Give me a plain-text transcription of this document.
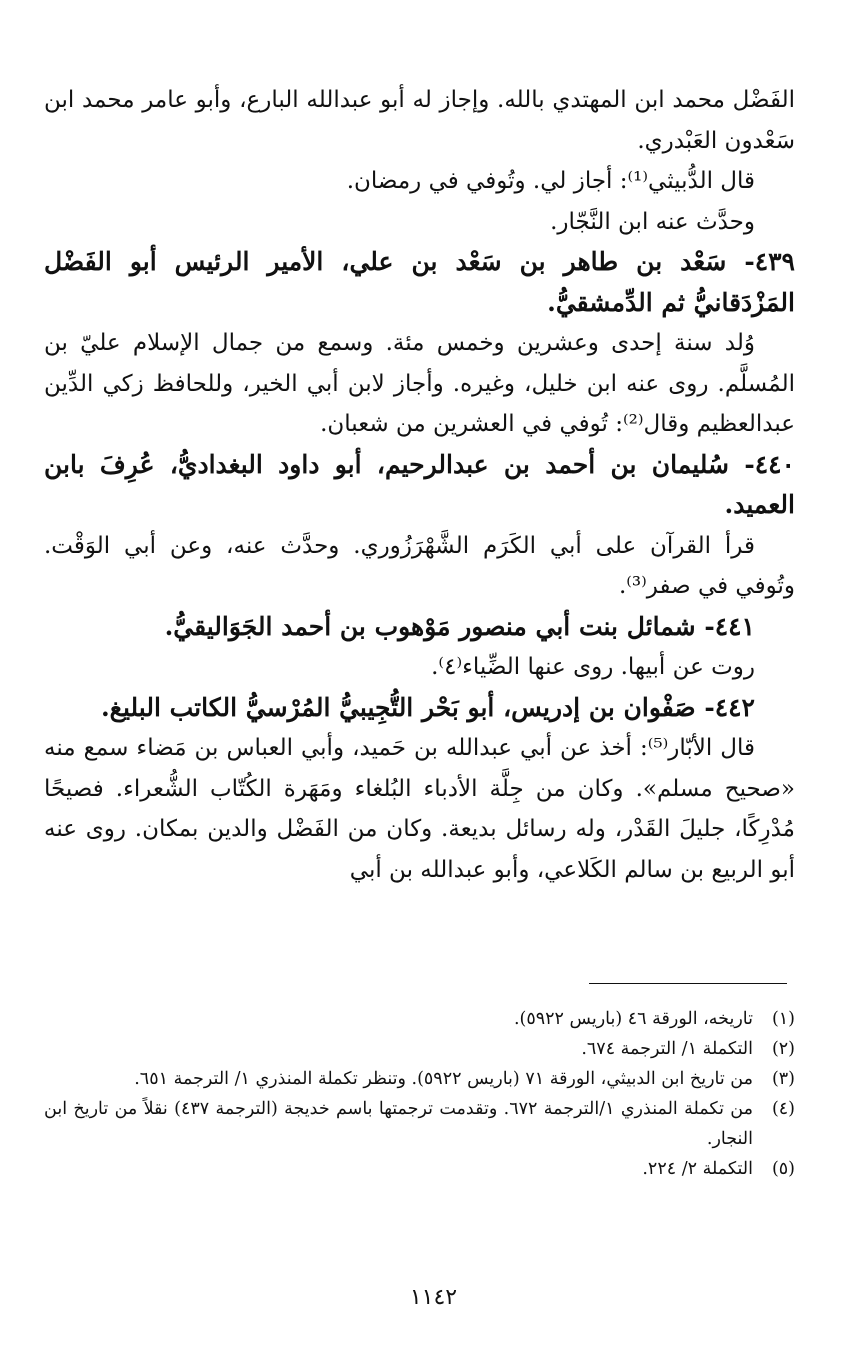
الفَضْل محمد ابن المهتدي بالله. وإجاز له أبو عبدالله البارع، وأبو عامر محمد ابن سَعْدون العَبْدري.

قال الدُّبيثي⁽¹⁾: أجاز لي. وتُوفي في رمضان.

وحدَّث عنه ابن النَّجّار.

٤٣٩- سَعْد بن طاهر بن سَعْد بن علي، الأمير الرئيس أبو الفَضْل المَزْدَقانيُّ ثم الدِّمشقيُّ.

وُلد سنة إحدى وعشرين وخمس مئة. وسمع من جمال الإسلام عليّ بن المُسلَّم. روى عنه ابن خليل، وغيره. وأجاز لابن أبي الخير، وللحافظ زكي الدِّين عبدالعظيم وقال⁽²⁾: تُوفي في العشرين من شعبان.

٤٤٠- سُليمان بن أحمد بن عبدالرحيم، أبو داود البغداديُّ، عُرِفَ بابن العميد.

قرأ القرآن على أبي الكَرَم الشَّهْرَزُوري. وحدَّث عنه، وعن أبي الوَقْت. وتُوفي في صفر⁽³⁾.

٤٤١- شمائل بنت أبي منصور مَوْهوب بن أحمد الجَوَاليقيُّ.

روت عن أبيها. روى عنها الضِّياء⁽٤⁾.

٤٤٢- صَفْوان بن إدريس، أبو بَحْر التُّجِيبيُّ المُرْسيُّ الكاتب البليغ.

قال الأبّار⁽⁵⁾: أخذ عن أبي عبدالله بن حَميد، وأبي العباس بن مَضاء سمع منه «صحيح مسلم». وكان من جِلَّة الأدباء البُلغاء ومَهَرة الكُتّاب الشُّعراء. فصيحًا مُدْرِكًا، جليلَ القَدْر، وله رسائل بديعة. وكان من الفَضْل والدين بمكان. روى عنه أبو الربيع بن سالم الكَلاعي، وأبو عبدالله بن أبي

(١)
تاريخه، الورقة ٤٦ (باريس ٥٩٢٢).
(٢)
التكملة ١/ الترجمة ٦٧٤.
(٣)
من تاريخ ابن الدبيثي، الورقة ٧١ (باريس ٥٩٢٢). وتنظر تكملة المنذري ١/ الترجمة ٦٥١.
(٤)
من تكملة المنذري ١/الترجمة ٦٧٢. وتقدمت ترجمتها باسم خديجة (الترجمة ٤٣٧) نقلاً من تاريخ ابن النجار.
(٥)
التكملة ٢/ ٢٢٤.
١١٤٢
